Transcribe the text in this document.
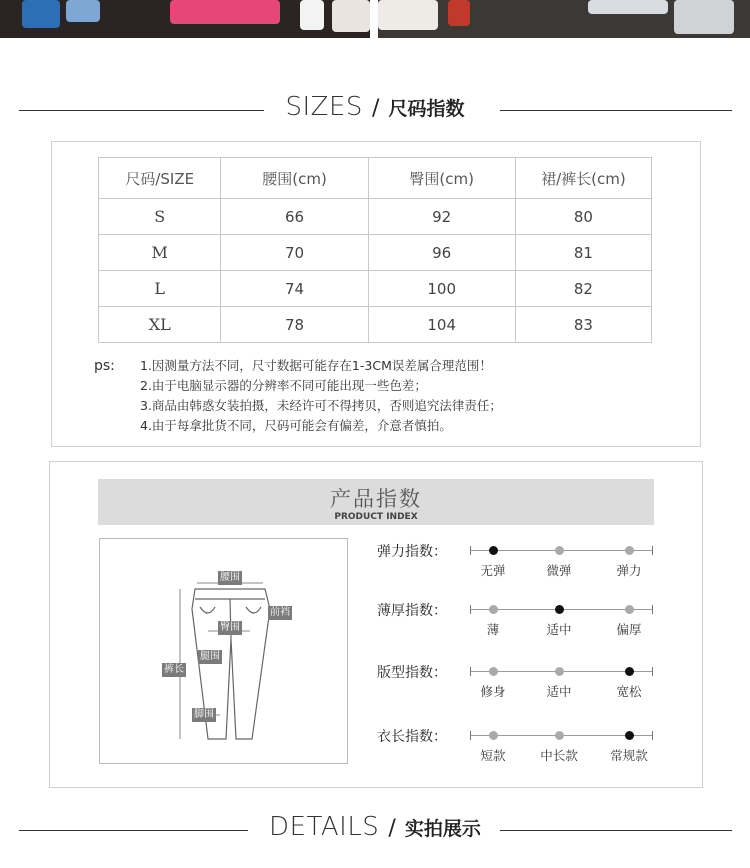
SIZES / 尺码指数
尺码/SIZE	腰围(cm)	臀围(cm)	裙/裤长(cm)
S	66	92	80
M	70	96	81
L	74	100	82
XL	78	104	83
ps: 1.因测量方法不同，尺寸数据可能存在1-3CM误差属合理范围！
2.由于电脑显示器的分辨率不同可能出现一些色差；
3.商品由韩惑女装拍摄，未经许可不得拷贝，否则追究法律责任；
4.由于每拿批货不同，尺码可能会有偏差，介意者慎拍。
产品指数
PRODUCT INDEX
腰围
前裆
臀围
腿围
裤长
脚围
弹力指数：
无弹	微弹	弹力
薄厚指数：
薄	适中	偏厚
版型指数：
修身	适中	宽松
衣长指数：
短款	中长款	常规款
DETAILS / 实拍展示
